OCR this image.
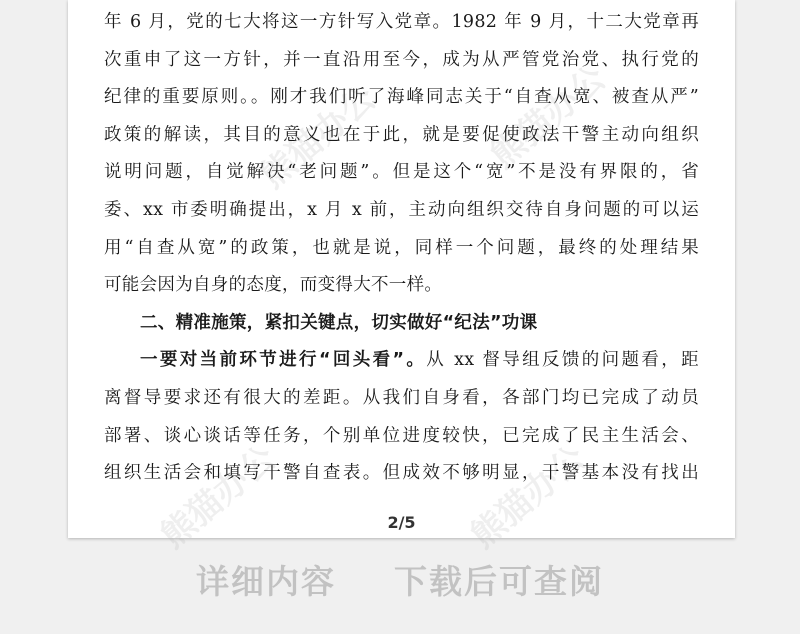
熊猫办公	熊猫办公
熊猫办公	熊猫办公

年 6 月，党的七大将这一方针写入党章。1982 年 9 月，十二大党章再
次重申了这一方针，并一直沿用至今，成为从严管党治党、执行党的
纪律的重要原则。。刚才我们听了海峰同志关于“自查从宽、被查从严”
政策的解读，其目的意义也在于此，就是要促使政法干警主动向组织
说明问题，自觉解决“老问题”。但是这个“宽”不是没有界限的，省
委、xx 市委明确提出，x 月 x 前，主动向组织交待自身问题的可以运
用“自查从宽”的政策，也就是说，同样一个问题，最终的处理结果
可能会因为自身的态度，而变得大不一样。

二、精准施策，紧扣关键点，切实做好“纪法”功课

一要对当前环节进行“回头看”。从 xx 督导组反馈的问题看，距
离督导要求还有很大的差距。从我们自身看，各部门均已完成了动员
部署、谈心谈话等任务，个别单位进度较快，已完成了民主生活会、
组织生活会和填写干警自查表。但成效不够明显，干警基本没有找出

2/5
详细内容 下载后可查阅
